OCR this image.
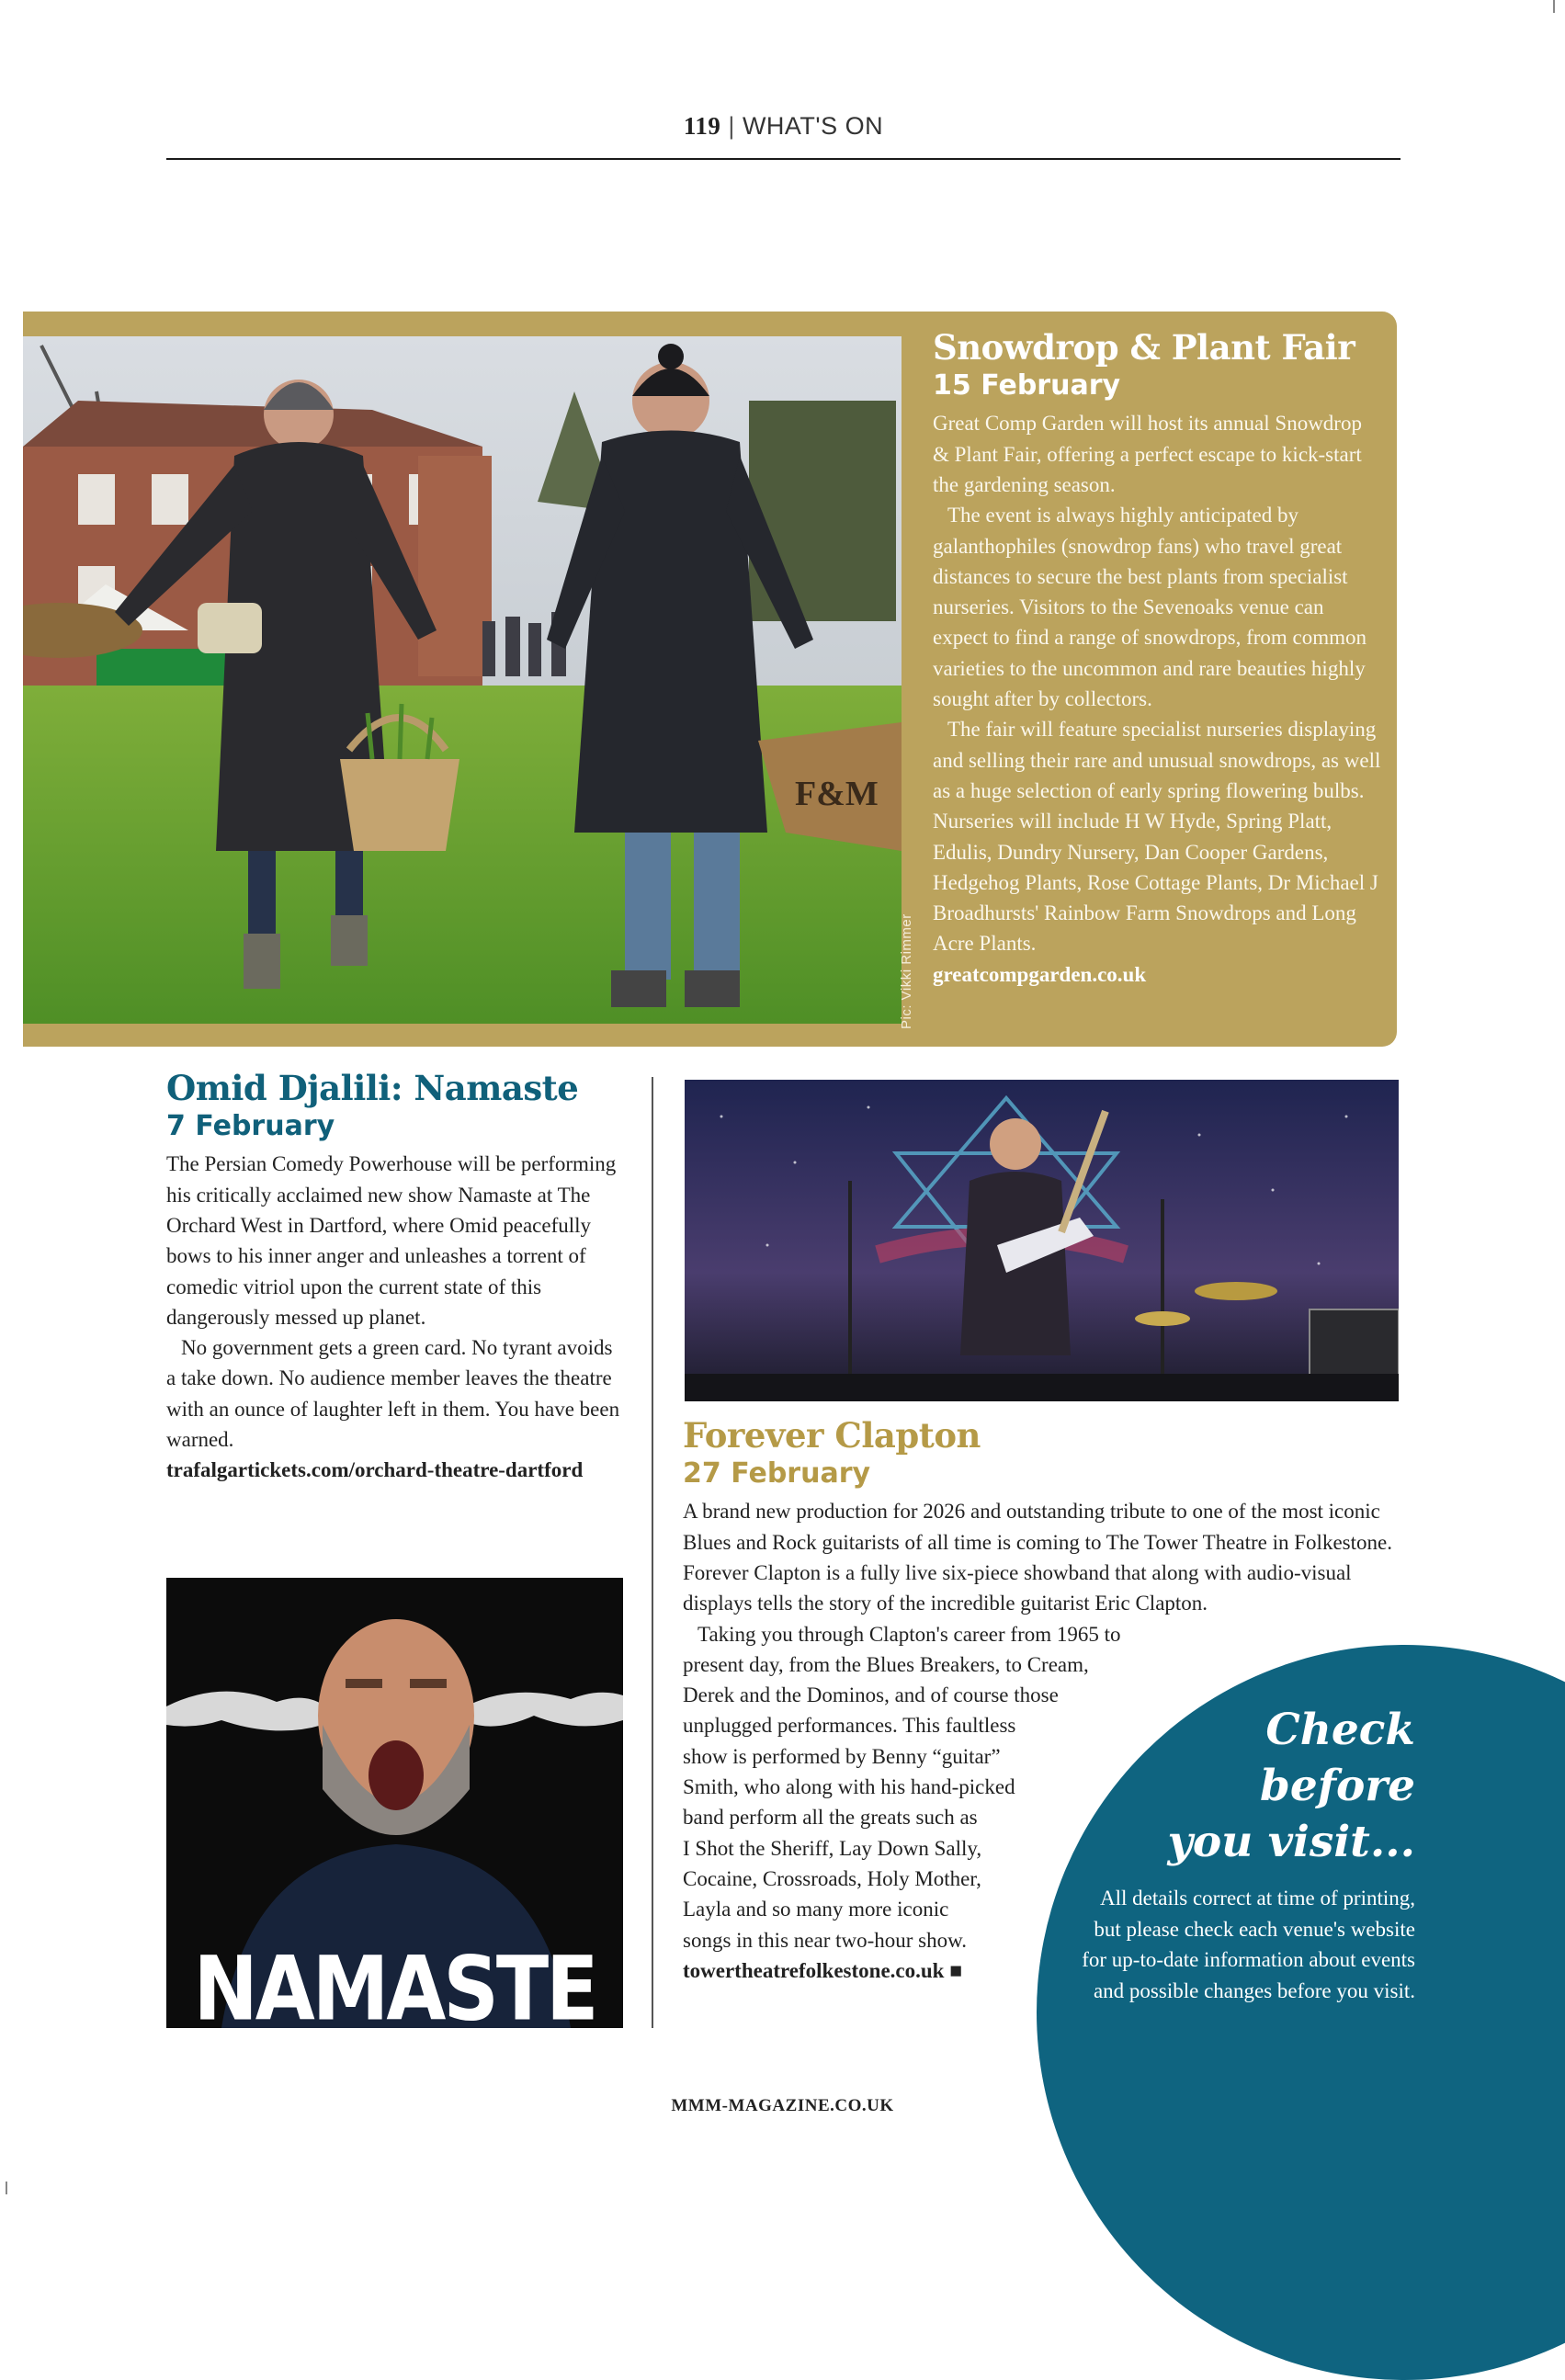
119 | WHAT'S ON
F&M
Pic: Vikki Rimmer
Snowdrop & Plant Fair
15 February

Great Comp Garden will host its annual Snowdrop & Plant Fair, offering a perfect escape to kick-start the gardening season.

The event is always highly anticipated by galanthophiles (snowdrop fans) who travel great distances to secure the best plants from specialist nurseries. Visitors to the Sevenoaks venue can expect to find a range of snowdrops, from common varieties to the uncommon and rare beauties highly sought after by collectors.

The fair will feature specialist nurseries displaying and selling their rare and unusual snowdrops, as well as a huge selection of early spring flowering bulbs. Nurseries will include H W Hyde, Spring Platt, Edulis, Dundry Nursery, Dan Cooper Gardens, Hedgehog Plants, Rose Cottage Plants, Dr Michael J Broadhursts' Rainbow Farm Snowdrops and Long Acre Plants.

greatcompgarden.co.uk

Omid Djalili: Namaste
7 February

The Persian Comedy Powerhouse will be performing his critically acclaimed new show Namaste at The Orchard West in Dartford, where Omid peacefully bows to his inner anger and unleashes a torrent of comedic vitriol upon the current state of this dangerously messed up planet.

No government gets a green card. No tyrant avoids a take down. No audience member leaves the theatre with an ounce of laughter left in them. You have been warned.

trafalgartickets.com/orchard-theatre-dartford

NAMASTE
Forever Clapton
27 February

A brand new production for 2026 and outstanding tribute to one of the most iconic Blues and Rock guitarists of all time is coming to The Tower Theatre in Folkestone. Forever Clapton is a fully live six-piece showband that along with audio-visual displays tells the story of the incredible guitarist Eric Clapton.

Taking you through Clapton's career from 1965 to

present day, from the Blues Breakers, to Cream,

Derek and the Dominos, and of course those

unplugged performances. This faultless

show is performed by Benny “guitar”

Smith, who along with his hand-picked

band perform all the greats such as

I Shot the Sheriff, Lay Down Sally,

Cocaine, Crossroads, Holy Mother,

Layla and so many more iconic

songs in this near two-hour show.

towertheatrefolkestone.co.uk ■

Check

before

you visit...

All details correct at time of printing, but please check each venue's website for up-to-date information about events and possible changes before you visit.

MMM-MAGAZINE.CO.UK
